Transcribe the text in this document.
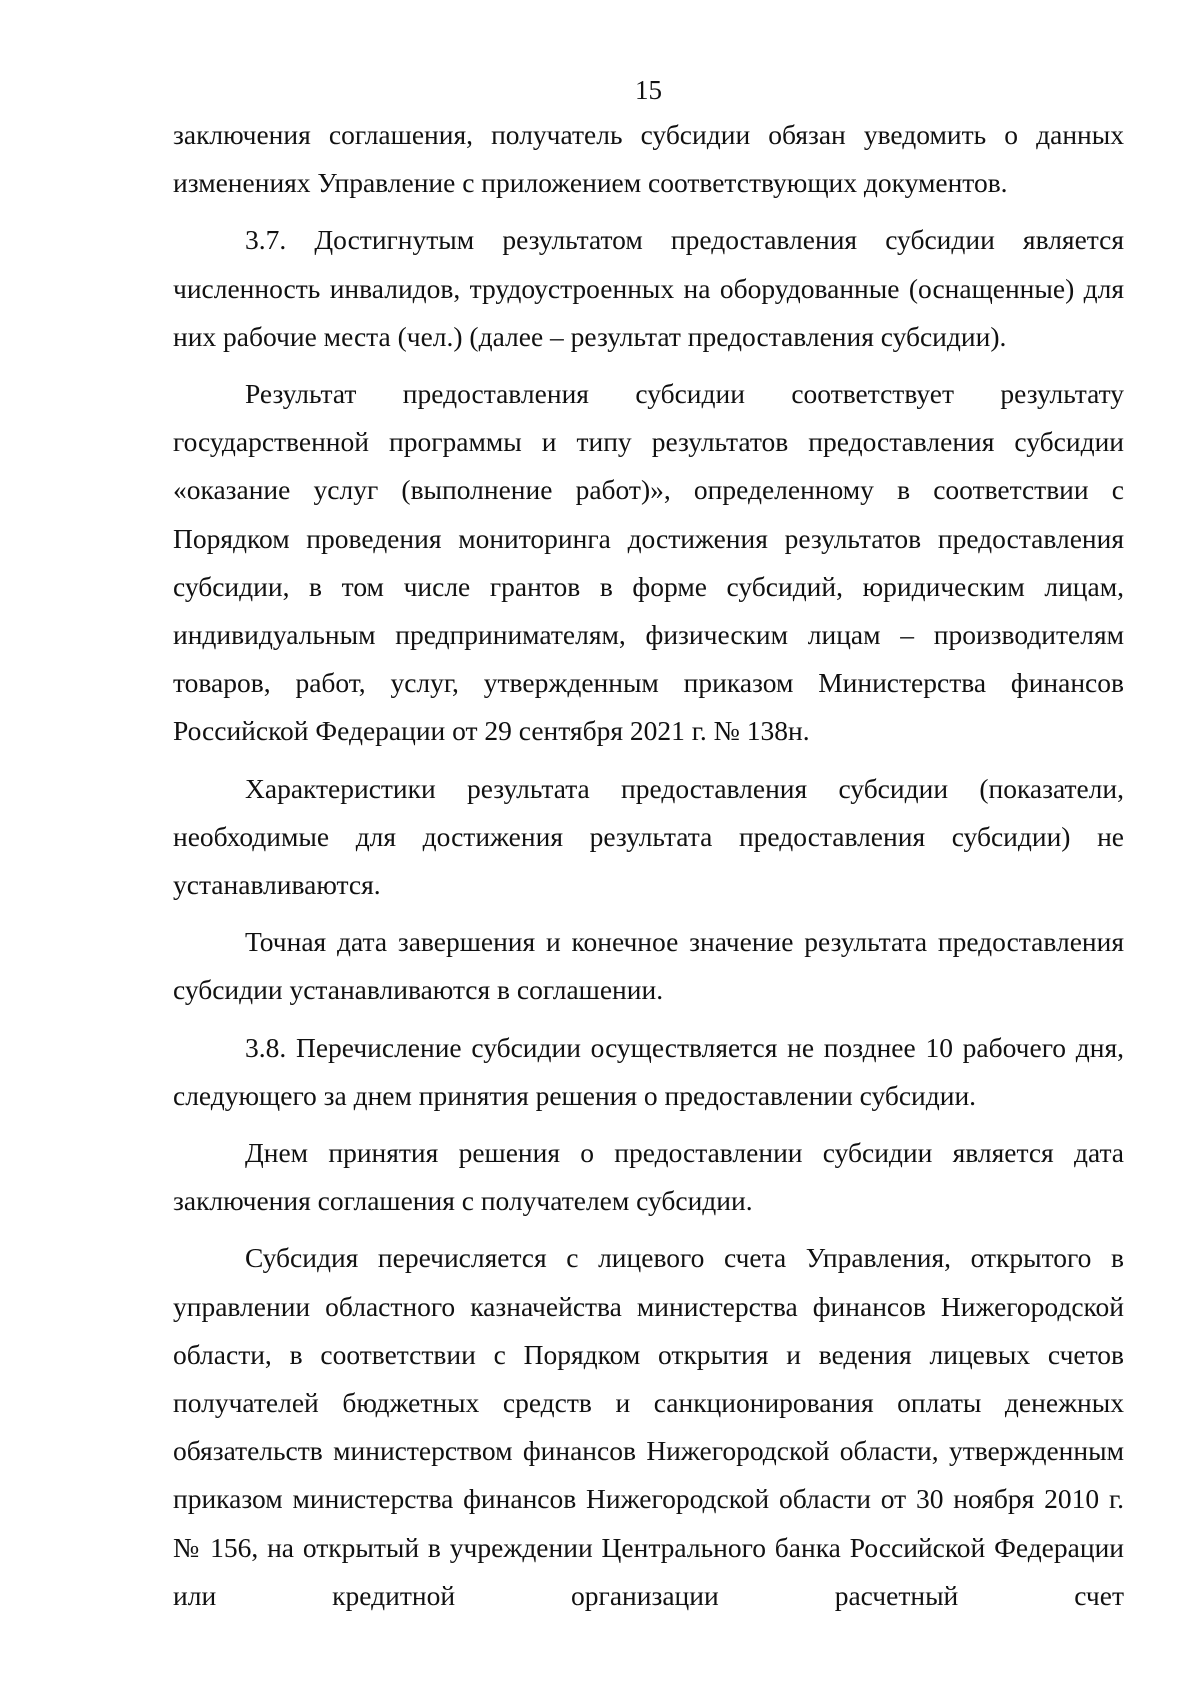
15

заключения соглашения, получатель субсидии обязан уведомить о данных изменениях Управление с приложением соответствующих документов.

3.7. Достигнутым результатом предоставления субсидии является численность инвалидов, трудоустроенных на оборудованные (оснащенные) для них рабочие места (чел.) (далее – результат предоставления субсидии).

Результат предоставления субсидии соответствует результату государственной программы и типу результатов предоставления субсидии «оказание услуг (выполнение работ)», определенному в соответствии с Порядком проведения мониторинга достижения результатов предоставления субсидии, в том числе грантов в форме субсидий, юридическим лицам, индивидуальным предпринимателям, физическим лицам – производителям товаров, работ, услуг, утвержденным приказом Министерства финансов Российской Федерации от 29 сентября 2021 г. № 138н.

Характеристики результата предоставления субсидии (показатели, необходимые для достижения результата предоставления субсидии) не устанавливаются.

Точная дата завершения и конечное значение результата предоставления субсидии устанавливаются в соглашении.

3.8. Перечисление субсидии осуществляется не позднее 10 рабочего дня, следующего за днем принятия решения о предоставлении субсидии.

Днем принятия решения о предоставлении субсидии является дата заключения соглашения с получателем субсидии.

Субсидия перечисляется с лицевого счета Управления, открытого в управлении областного казначейства министерства финансов Нижегородской области, в соответствии с Порядком открытия и ведения лицевых счетов получателей бюджетных средств и санкционирования оплаты денежных обязательств министерством финансов Нижегородской области, утвержденным приказом министерства финансов Нижегородской области от 30 ноября 2010 г. № 156, на открытый в учреждении Центрального банка Российской Федерации или кредитной организации расчетный счет
